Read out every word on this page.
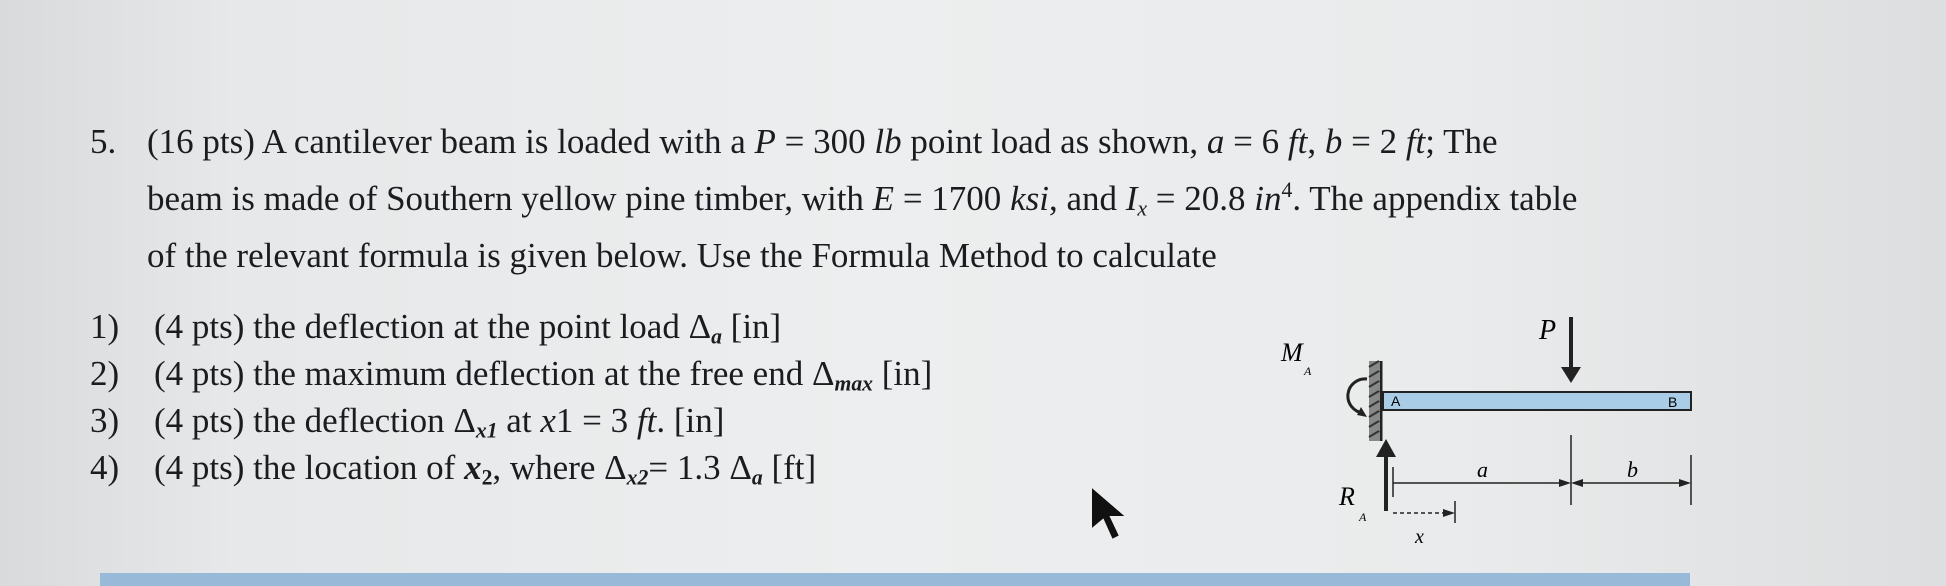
5. (16 pts) A cantilever beam is loaded with a P = 300 lb point load as shown, a = 6 ft, b = 2 ft; The

beam is made of Southern yellow pine timber, with E = 1700 ksi, and $I_x = 20.8$ $in^4$. The appendix table

of the relevant formula is given below. Use the Formula Method to calculate

1) (4 pts) the deflection at the point load $\Delta_a$ [in]
2) (4 pts) the maximum deflection at the free end $\Delta_{max}$ [in]
3) (4 pts) the deflection $\Delta_{x1}$ at x1 = 3 ft. [in]
4) (4 pts) the location of $x_2$, where $\Delta_{x2}= 1.3$ $\Delta_a$ [ft]
A	B
M
A
P
R
A
a	b
x
